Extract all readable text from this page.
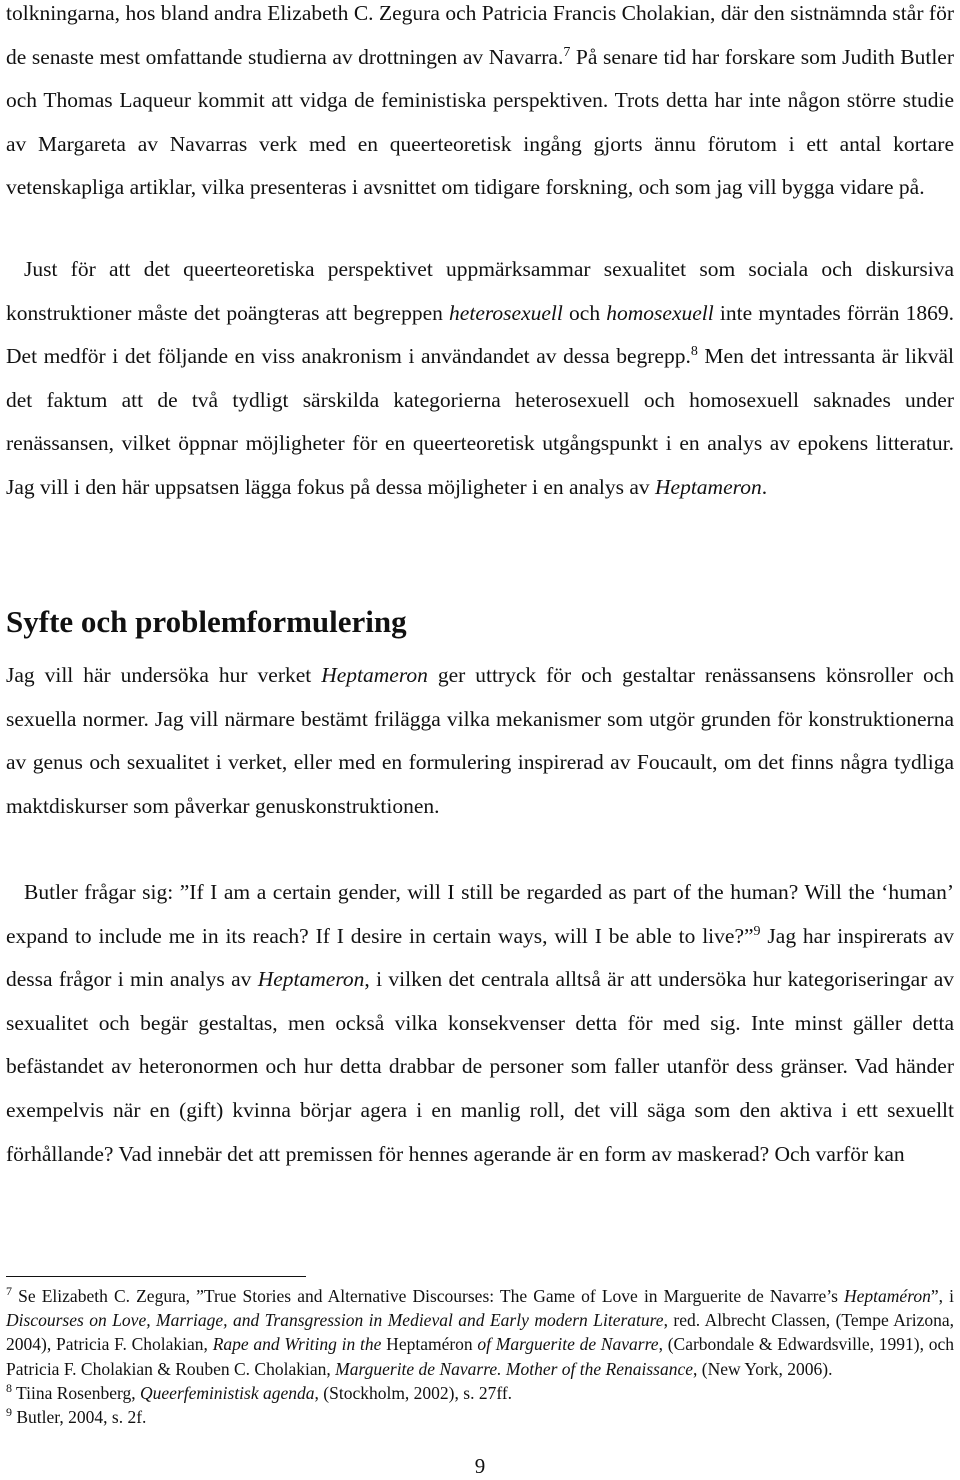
tolkningarna, hos bland andra Elizabeth C. Zegura och Patricia Francis Cholakian, där den sistnämnda står för de senaste mest omfattande studierna av drottningen av Navarra.$^7$ På senare tid har forskare som Judith Butler och Thomas Laqueur kommit att vidga de feministiska perspektiven. Trots detta har inte någon större studie av Margareta av Navarras verk med en queerteoretisk ingång gjorts ännu förutom i ett antal kortare vetenskapliga artiklar, vilka presenteras i avsnittet om tidigare forskning, och som jag vill bygga vidare på.

Just för att det queerteoretiska perspektivet uppmärksammar sexualitet som sociala och diskursiva konstruktioner måste det poängteras att begreppen heterosexuell och homosexuell inte myntades förrän 1869. Det medför i det följande en viss anakronism i användandet av dessa begrepp.$^8$ Men det intressanta är likväl det faktum att de två tydligt särskilda kategorierna heterosexuell och homosexuell saknades under renässansen, vilket öppnar möjligheter för en queerteoretisk utgångspunkt i en analys av epokens litteratur. Jag vill i den här uppsatsen lägga fokus på dessa möjligheter i en analys av Heptameron.

Syfte och problemformulering

Jag vill här undersöka hur verket Heptameron ger uttryck för och gestaltar renässansens könsroller och sexuella normer. Jag vill närmare bestämt frilägga vilka mekanismer som utgör grunden för konstruktionerna av genus och sexualitet i verket, eller med en formulering inspirerad av Foucault, om det finns några tydliga maktdiskurser som påverkar genuskonstruktionen.

Butler frågar sig: ”If I am a certain gender, will I still be regarded as part of the human? Will the ‘human’ expand to include me in its reach? If I desire in certain ways, will I be able to live?”$^9$ Jag har inspirerats av dessa frågor i min analys av Heptameron, i vilken det centrala alltså är att undersöka hur kategoriseringar av sexualitet och begär gestaltas, men också vilka konsekvenser detta för med sig. Inte minst gäller detta befästandet av heteronormen och hur detta drabbar de personer som faller utanför dess gränser. Vad händer exempelvis när en (gift) kvinna börjar agera i en manlig roll, det vill säga som den aktiva i ett sexuellt förhållande? Vad innebär det att premissen för hennes agerande är en form av maskerad? Och varför kan

$^7$ Se Elizabeth C. Zegura, ”True Stories and Alternative Discourses: The Game of Love in Marguerite de Navarre’s Heptaméron”, i Discourses on Love, Marriage, and Transgression in Medieval and Early modern Literature, red. Albrecht Classen, (Tempe Arizona, 2004), Patricia F. Cholakian, Rape and Writing in the Heptaméron of Marguerite de Navarre, (Carbondale & Edwardsville, 1991), och Patricia F. Cholakian & Rouben C. Cholakian, Marguerite de Navarre. Mother of the Renaissance, (New York, 2006).

$^8$ Tiina Rosenberg, Queerfeministisk agenda, (Stockholm, 2002), s. 27ff.

$^9$ Butler, 2004, s. 2f.

9
